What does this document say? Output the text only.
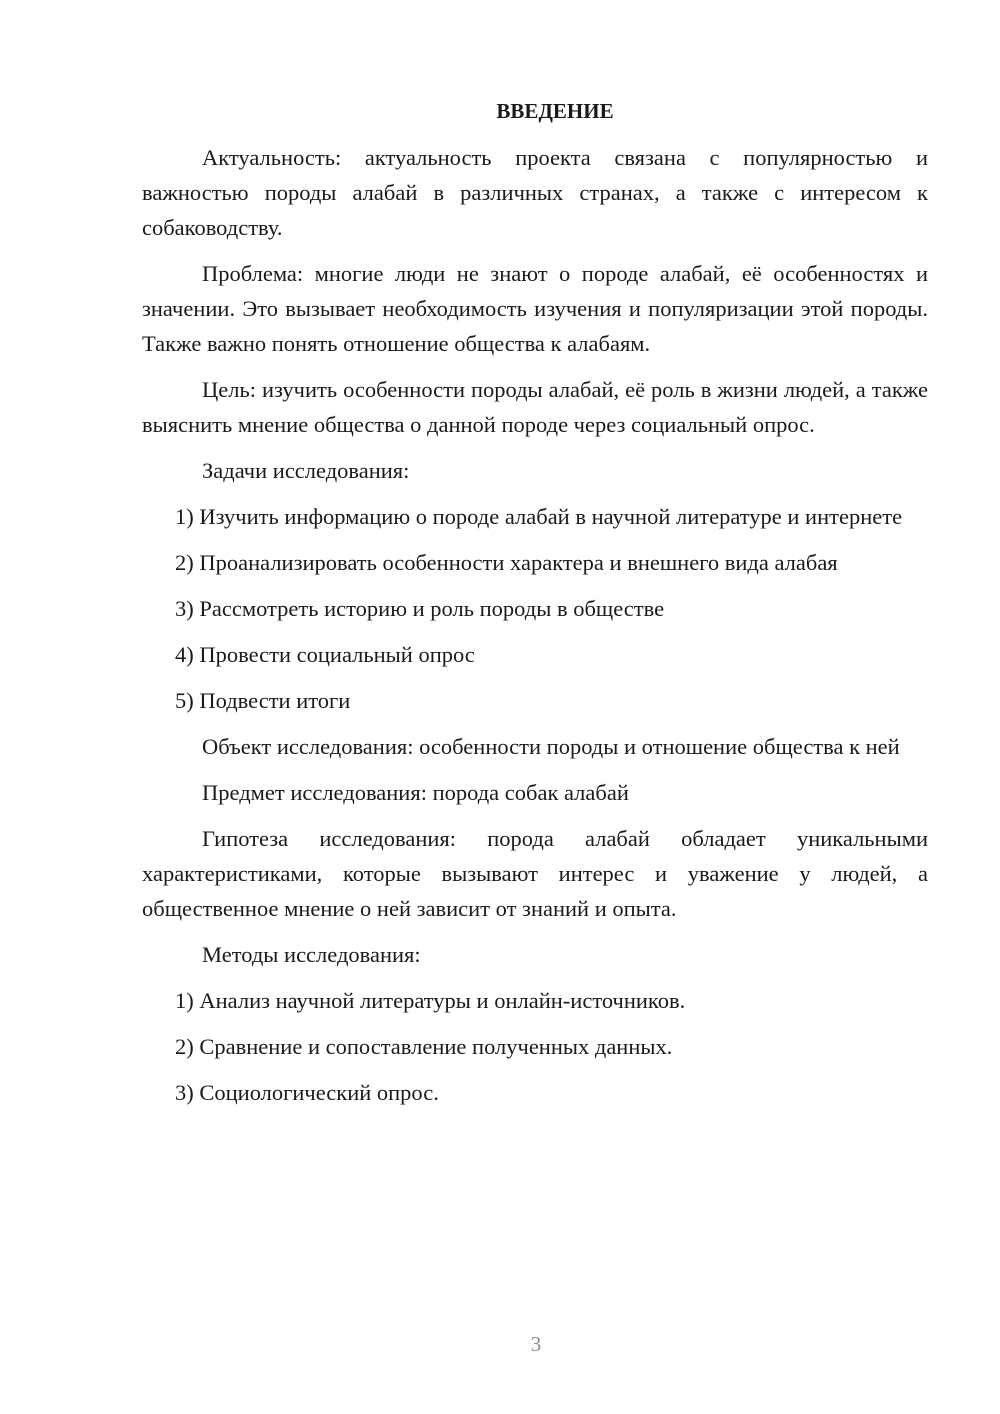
ВВЕДЕНИЕ

Актуальность: актуальность проекта связана с популярностью и важностью породы алабай в различных странах, а также с интересом к собаководству.

Проблема: многие люди не знают о породе алабай, её особенностях и значении. Это вызывает необходимость изучения и популяризации этой породы. Также важно понять отношение общества к алабаям.

Цель: изучить особенности породы алабай, её роль в жизни людей, а также выяснить мнение общества о данной породе через социальный опрос.

Задачи исследования:

1) Изучить информацию о породе алабай в научной литературе и интернете

2) Проанализировать особенности характера и внешнего вида алабая

3) Рассмотреть историю и роль породы в обществе

4) Провести социальный опрос

5) Подвести итоги

Объект исследования: особенности породы и отношение общества к ней

Предмет исследования: порода собак алабай

Гипотеза исследования: порода алабай обладает уникальными характеристиками, которые вызывают интерес и уважение у людей, а общественное мнение о ней зависит от знаний и опыта.

Методы исследования:

1) Анализ научной литературы и онлайн-источников.

2) Сравнение и сопоставление полученных данных.

3) Социологический опрос.

3
